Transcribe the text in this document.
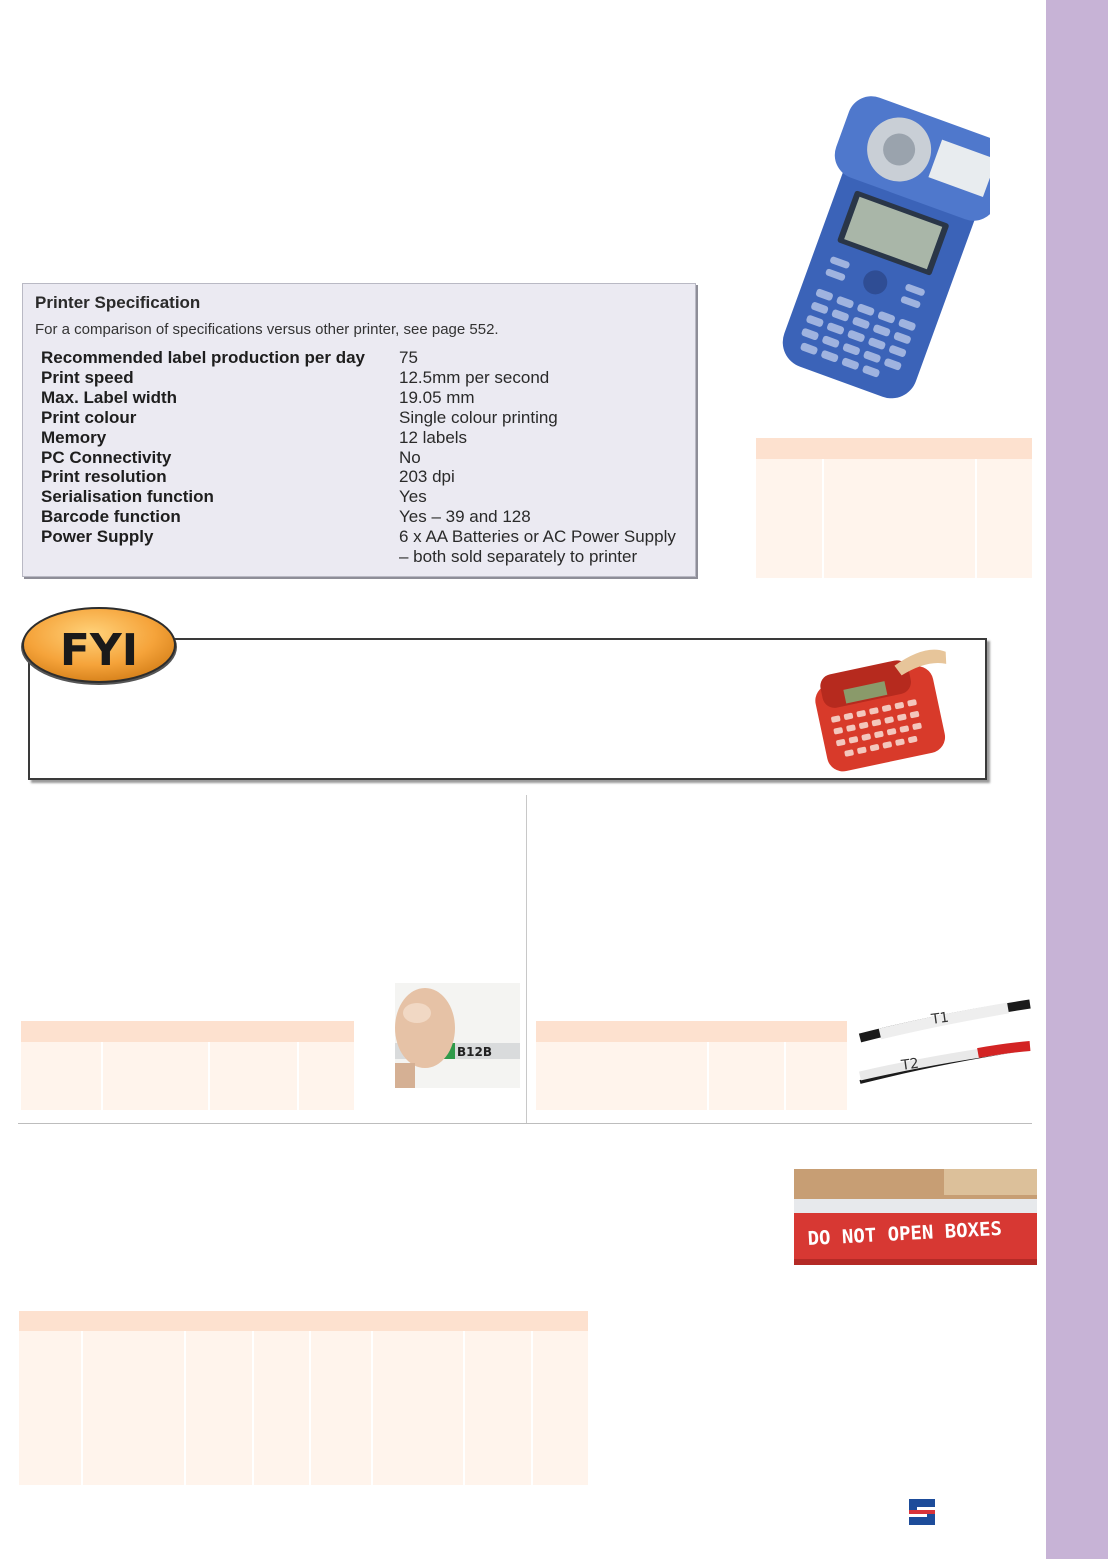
Printer Specification
For a comparison of specifications versus other printer, see page 552.
Recommended label production per day	75
Print speed	12.5mm per second
Max. Label width	19.05 mm
Print colour	Single colour printing
Memory	12 labels
PC Connectivity	No
Print resolution	203 dpi
Serialisation function	Yes
Barcode function	Yes – 39 and 128
Power Supply	6 x AA Batteries or AC Power Supply
– both sold separately to printer
FYI
B12B
T1
T2
DO NOT OPEN BOXES
